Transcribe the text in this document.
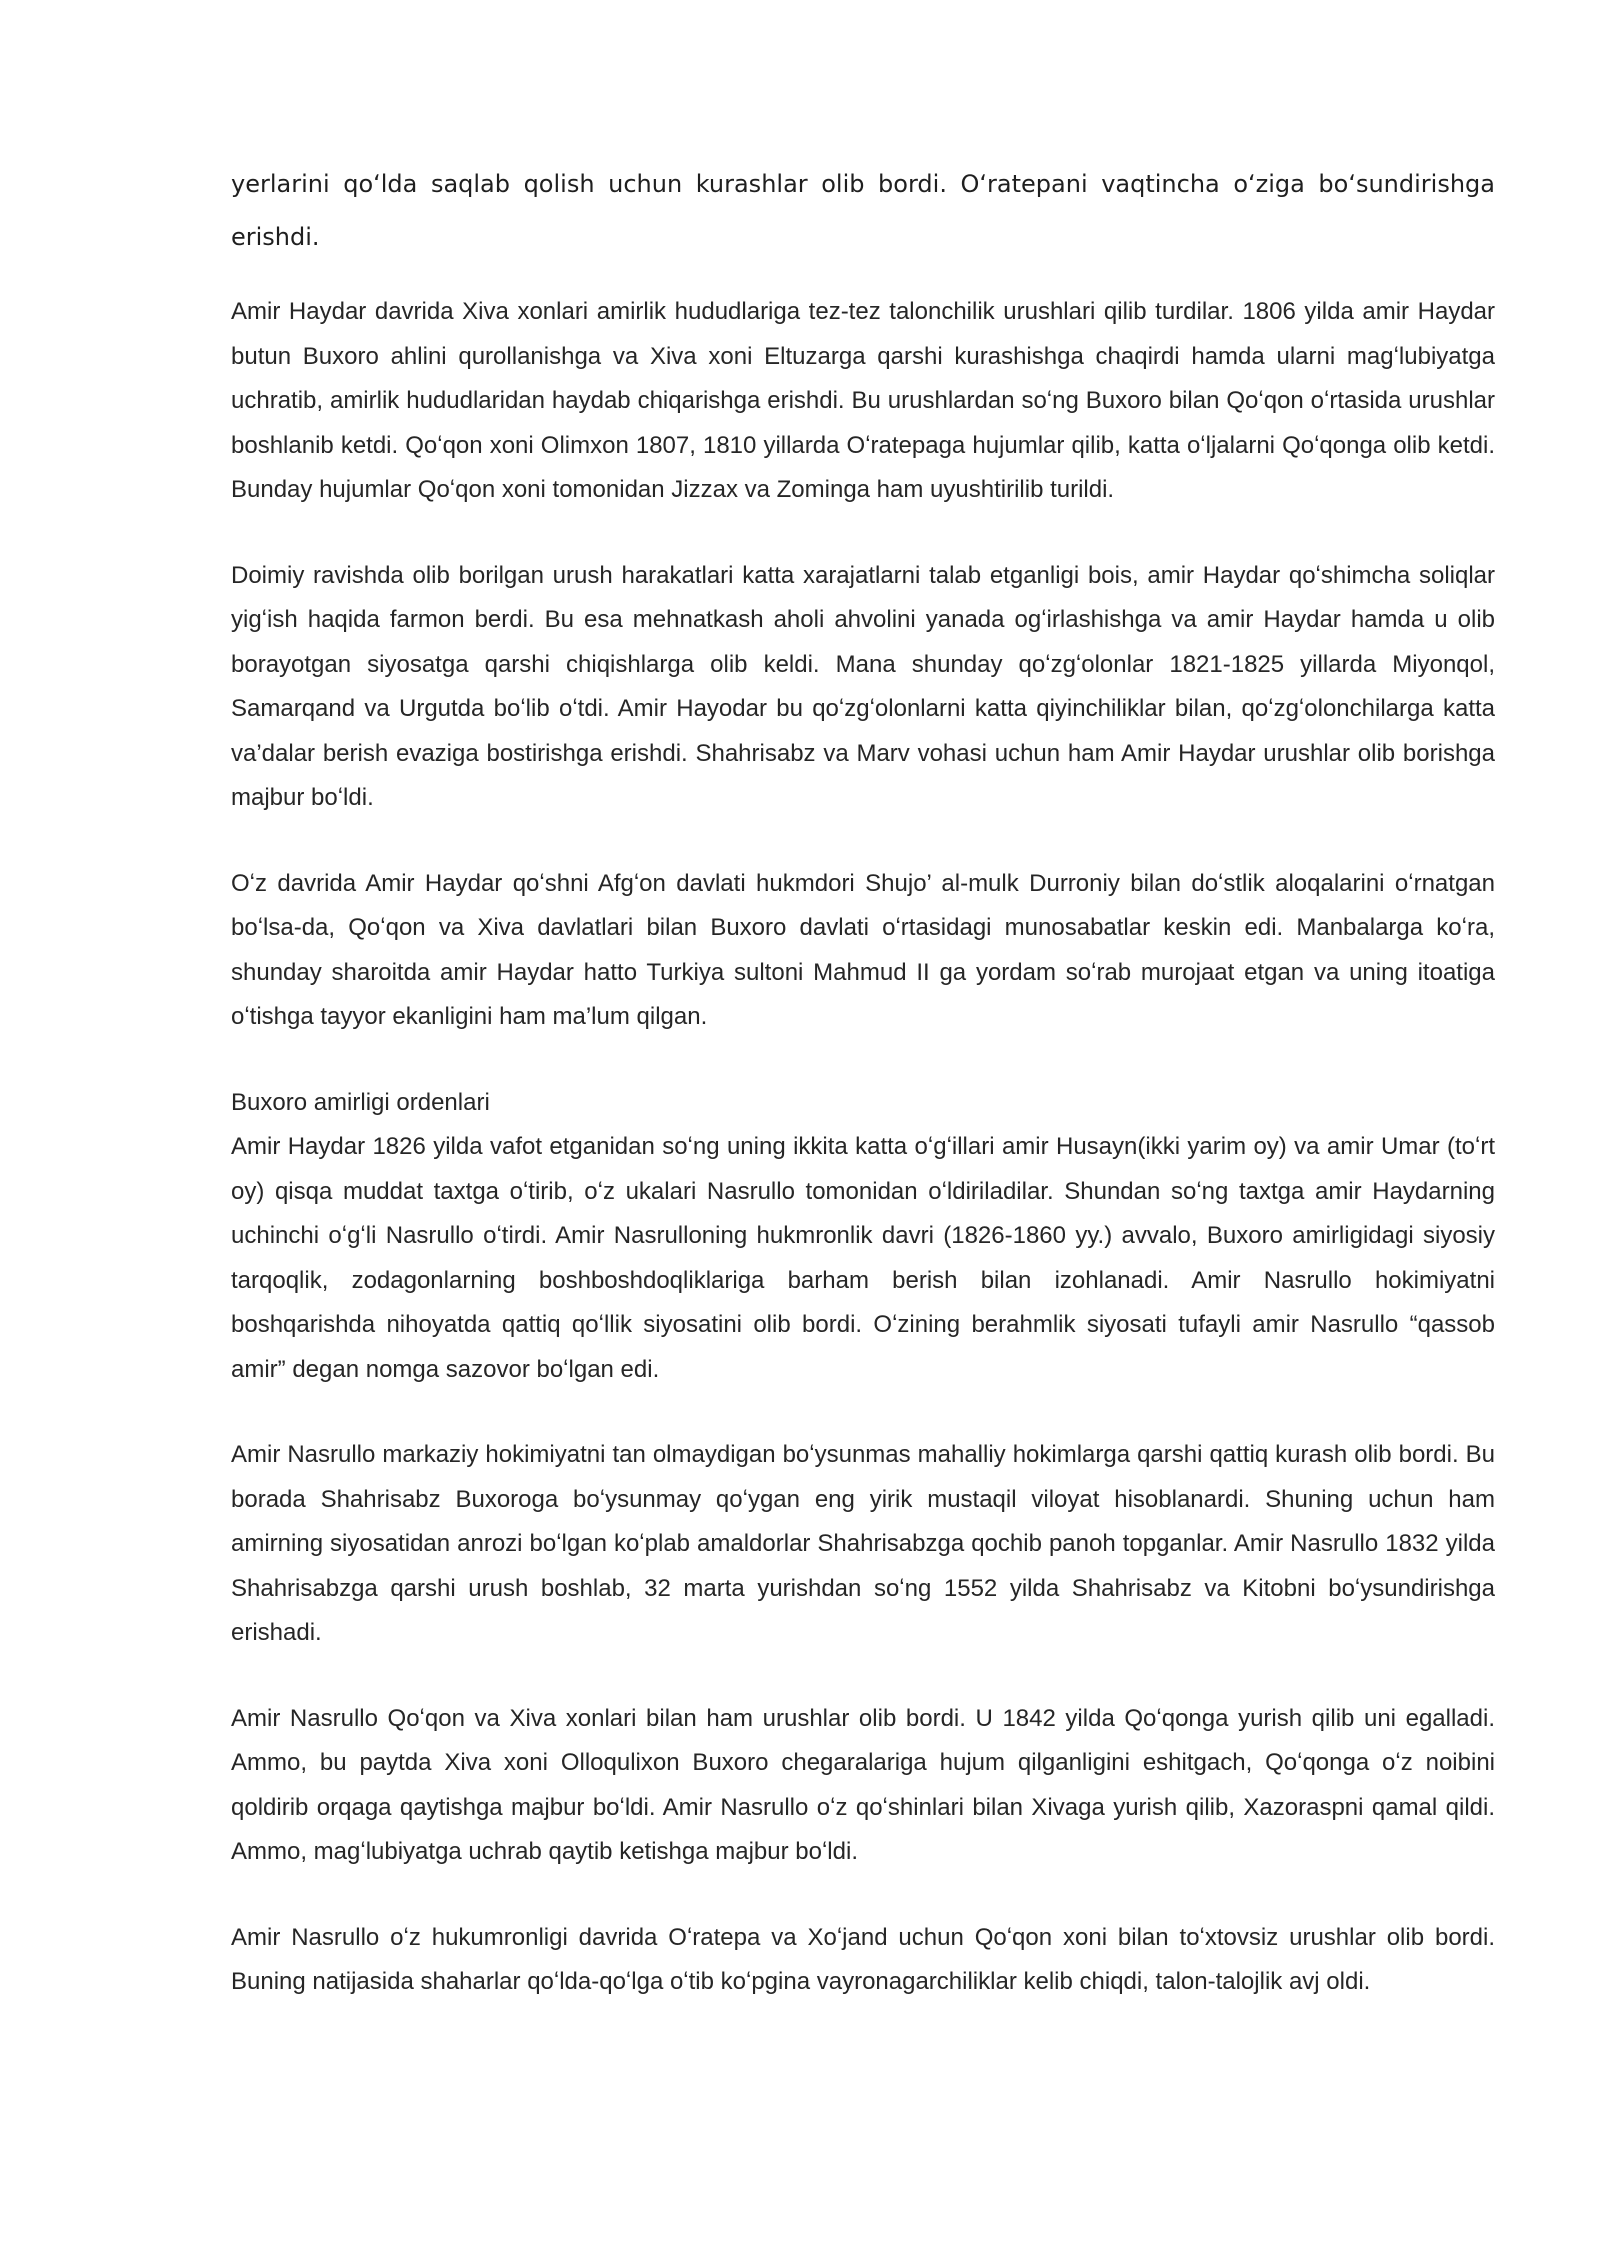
yerlarini qoʻlda saqlab qolish uchun kurashlar olib bordi. Oʻratepani vaqtincha oʻziga boʻsundirishga erishdi.

Amir Haydar davrida Xiva xonlari amirlik hududlariga tez-tez talonchilik urushlari qilib turdilar. 1806 yilda amir Haydar butun Buxoro ahlini qurollanishga va Xiva xoni Eltuzarga qarshi kurashishga chaqirdi hamda ularni magʻlubiyatga uchratib, amirlik hududlaridan haydab chiqarishga erishdi. Bu urushlardan soʻng Buxoro bilan Qoʻqon oʻrtasida urushlar boshlanib ketdi. Qoʻqon xoni Olimxon 1807, 1810 yillarda Oʻratepaga hujumlar qilib, katta oʻljalarni Qoʻqonga olib ketdi. Bunday hujumlar Qoʻqon xoni tomonidan Jizzax va Zominga ham uyushtirilib turildi.

Doimiy ravishda olib borilgan urush harakatlari katta xarajatlarni talab etganligi bois, amir Haydar qoʻshimcha soliqlar yigʻish haqida farmon berdi. Bu esa mehnatkash aholi ahvolini yanada ogʻirlashishga va amir Haydar hamda u olib borayotgan siyosatga qarshi chiqishlarga olib keldi. Mana shunday qoʻzgʻolonlar 1821-1825 yillarda Miyonqol, Samarqand va Urgutda boʻlib oʻtdi. Amir Hayodar bu qoʻzgʻolonlarni katta qiyinchiliklar bilan, qoʻzgʻolonchilarga katta va’dalar berish evaziga bostirishga erishdi. Shahrisabz va Marv vohasi uchun ham Amir Haydar urushlar olib borishga majbur boʻldi.

Oʻz davrida Amir Haydar qoʻshni Afgʻon davlati hukmdori Shujo’ al-mulk Durroniy bilan doʻstlik aloqalarini oʻrnatgan boʻlsa-da, Qoʻqon va Xiva davlatlari bilan Buxoro davlati oʻrtasidagi munosabatlar keskin edi. Manbalarga koʻra, shunday sharoitda amir Haydar hatto Turkiya sultoni Mahmud II ga yordam soʻrab murojaat etgan va uning itoatiga oʻtishga tayyor ekanligini ham ma’lum qilgan.

Buxoro amirligi ordenlari

Amir Haydar 1826 yilda vafot etganidan soʻng uning ikkita katta oʻgʻillari amir Husayn(ikki yarim oy) va amir Umar (toʻrt oy) qisqa muddat taxtga oʻtirib, oʻz ukalari Nasrullo tomonidan oʻldiriladilar. Shundan soʻng taxtga amir Haydarning uchinchi oʻgʻli Nasrullo oʻtirdi. Amir Nasrulloning hukmronlik davri (1826-1860 yy.) avvalo, Buxoro amirligidagi siyosiy tarqoqlik, zodagonlarning boshboshdoqliklariga barham berish bilan izohlanadi. Amir Nasrullo hokimiyatni boshqarishda nihoyatda qattiq qoʻllik siyosatini olib bordi. Oʻzining berahmlik siyosati tufayli amir Nasrullo “qassob amir” degan nomga sazovor boʻlgan edi.

Amir Nasrullo markaziy hokimiyatni tan olmaydigan boʻysunmas mahalliy hokimlarga qarshi qattiq kurash olib bordi. Bu borada Shahrisabz Buxoroga boʻysunmay qoʻygan eng yirik mustaqil viloyat hisoblanardi. Shuning uchun ham amirning siyosatidan anrozi boʻlgan koʻplab amaldorlar Shahrisabzga qochib panoh topganlar. Amir Nasrullo 1832 yilda Shahrisabzga qarshi urush boshlab, 32 marta yurishdan soʻng 1552 yilda Shahrisabz va Kitobni boʻysundirishga erishadi.

Amir Nasrullo Qoʻqon va Xiva xonlari bilan ham urushlar olib bordi. U 1842 yilda Qoʻqonga yurish qilib uni egalladi. Ammo, bu paytda Xiva xoni Olloqulixon Buxoro chegaralariga hujum qilganligini eshitgach, Qoʻqonga oʻz noibini qoldirib orqaga qaytishga majbur boʻldi. Amir Nasrullo oʻz qoʻshinlari bilan Xivaga yurish qilib, Xazoraspni qamal qildi. Ammo, magʻlubiyatga uchrab qaytib ketishga majbur boʻldi.

Amir Nasrullo oʻz hukumronligi davrida Oʻratepa va Xoʻjand uchun Qoʻqon xoni bilan toʻxtovsiz urushlar olib bordi. Buning natijasida shaharlar qoʻlda-qoʻlga oʻtib koʻpgina vayronagarchiliklar kelib chiqdi, talon-talojlik avj oldi.
